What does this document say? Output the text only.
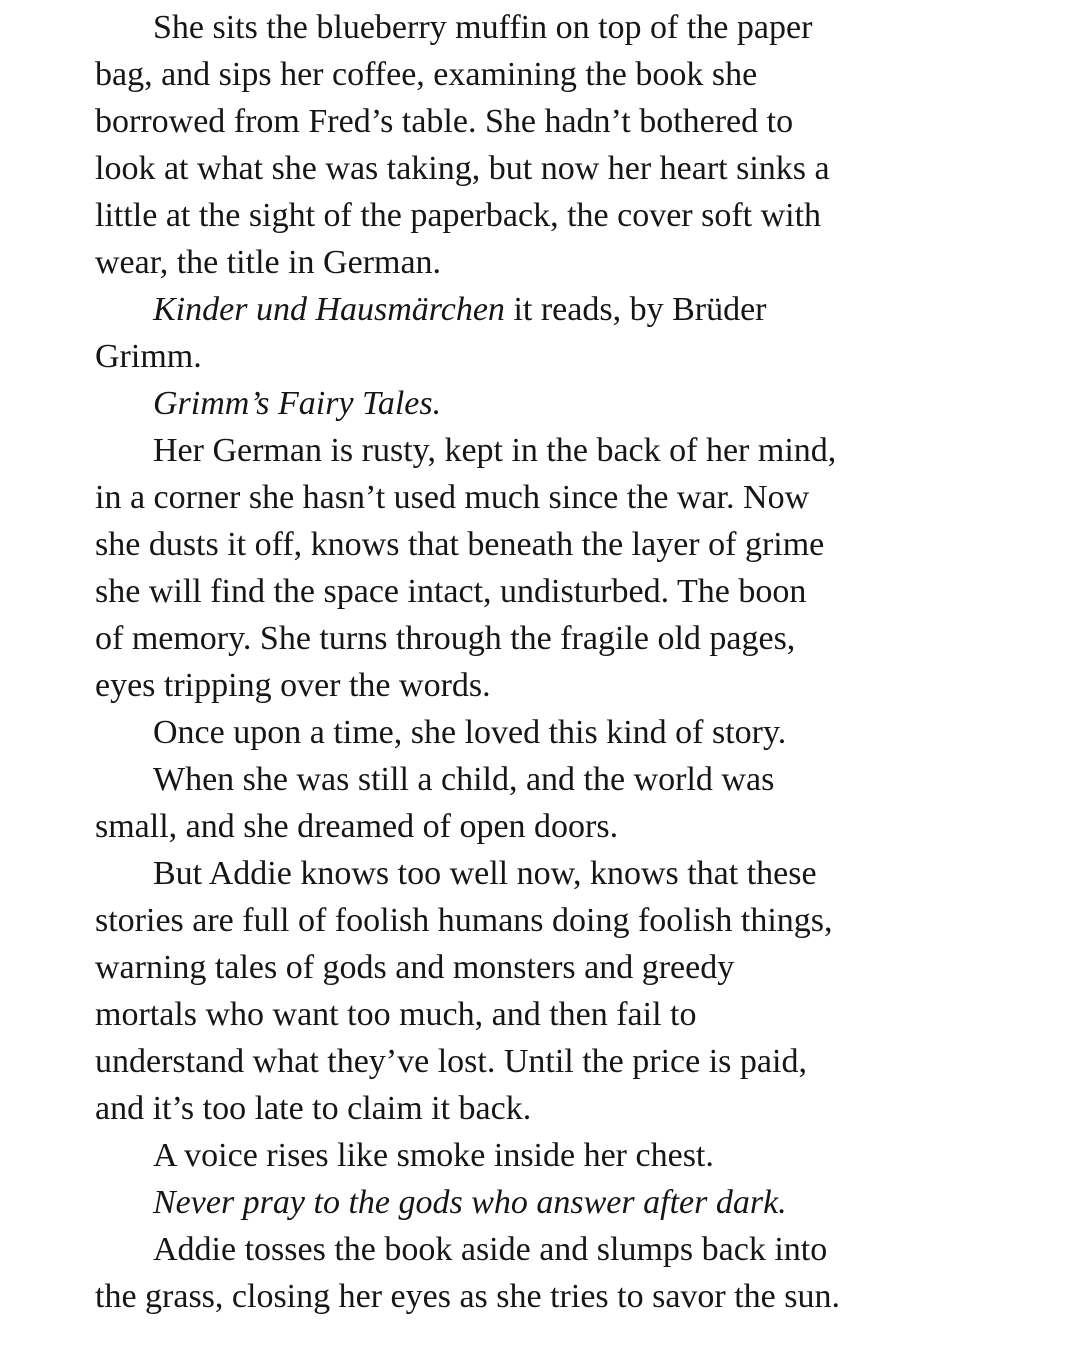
She sits the blueberry muffin on top of the paper
bag, and sips her coffee, examining the book she
borrowed from Fred’s table. She hadn’t bothered to
look at what she was taking, but now her heart sinks a
little at the sight of the paperback, the cover soft with
wear, the title in German.
Kinder und Hausmärchen it reads, by Brüder
Grimm.
Grimm’s Fairy Tales.
Her German is rusty, kept in the back of her mind,
in a corner she hasn’t used much since the war. Now
she dusts it off, knows that beneath the layer of grime
she will find the space intact, undisturbed. The boon
of memory. She turns through the fragile old pages,
eyes tripping over the words.
Once upon a time, she loved this kind of story.
When she was still a child, and the world was
small, and she dreamed of open doors.
But Addie knows too well now, knows that these
stories are full of foolish humans doing foolish things,
warning tales of gods and monsters and greedy
mortals who want too much, and then fail to
understand what they’ve lost. Until the price is paid,
and it’s too late to claim it back.
A voice rises like smoke inside her chest.
Never pray to the gods who answer after dark.
Addie tosses the book aside and slumps back into
the grass, closing her eyes as she tries to savor the sun.
